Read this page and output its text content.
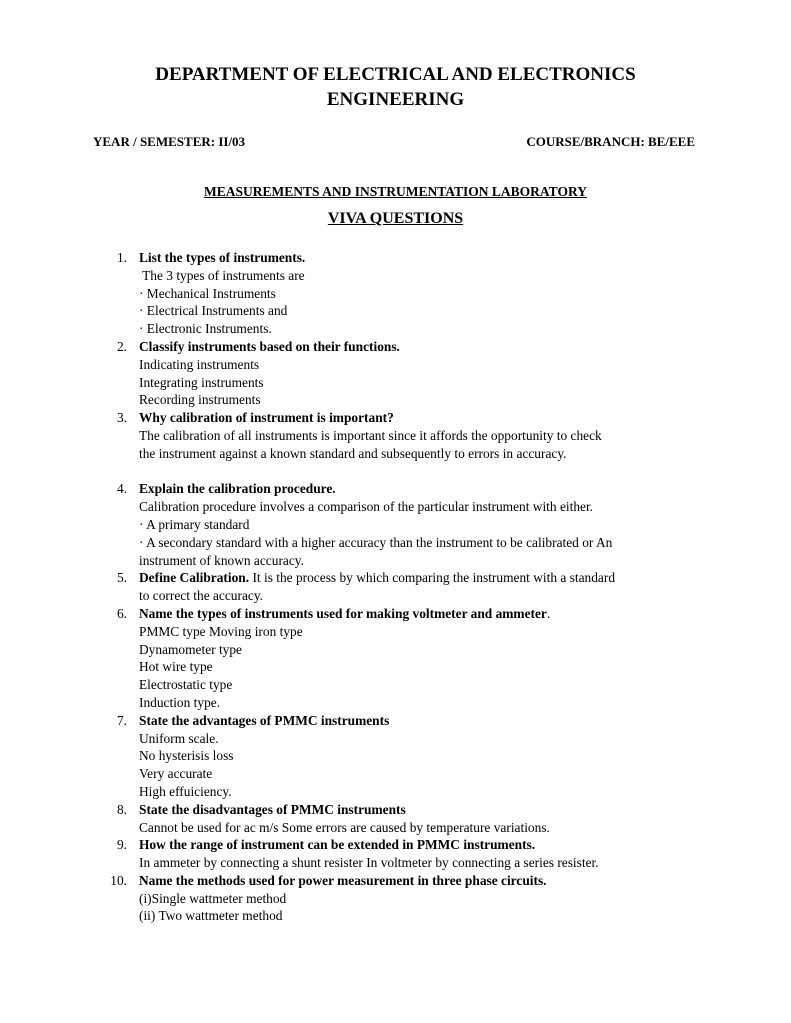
DEPARTMENT OF ELECTRICAL AND ELECTRONICS
ENGINEERING
YEAR / SEMESTER: II/03	COURSE/BRANCH: BE/EEE
MEASUREMENTS AND INSTRUMENTATION LABORATORY
VIVA QUESTIONS
1. List the types of instruments.
The 3 types of instruments are
· Mechanical Instruments
· Electrical Instruments and
· Electronic Instruments.
2. Classify instruments based on their functions.
Indicating instruments
Integrating instruments
Recording instruments
3. Why calibration of instrument is important?
The calibration of all instruments is important since it affords the opportunity to check
the instrument against a known standard and subsequently to errors in accuracy.
4. Explain the calibration procedure.
Calibration procedure involves a comparison of the particular instrument with either.
· A primary standard
· A secondary standard with a higher accuracy than the instrument to be calibrated or An
instrument of known accuracy.
5. Define Calibration. It is the process by which comparing the instrument with a standard
to correct the accuracy.
6. Name the types of instruments used for making voltmeter and ammeter.
PMMC type Moving iron type
Dynamometer type
Hot wire type
Electrostatic type
Induction type.
7. State the advantages of PMMC instruments
Uniform scale.
No hysterisis loss
Very accurate
High effuiciency.
8. State the disadvantages of PMMC instruments
Cannot be used for ac m/s Some errors are caused by temperature variations.
9. How the range of instrument can be extended in PMMC instruments.
In ammeter by connecting a shunt resister In voltmeter by connecting a series resister.
10. Name the methods used for power measurement in three phase circuits.
(i)Single wattmeter method
(ii) Two wattmeter method
